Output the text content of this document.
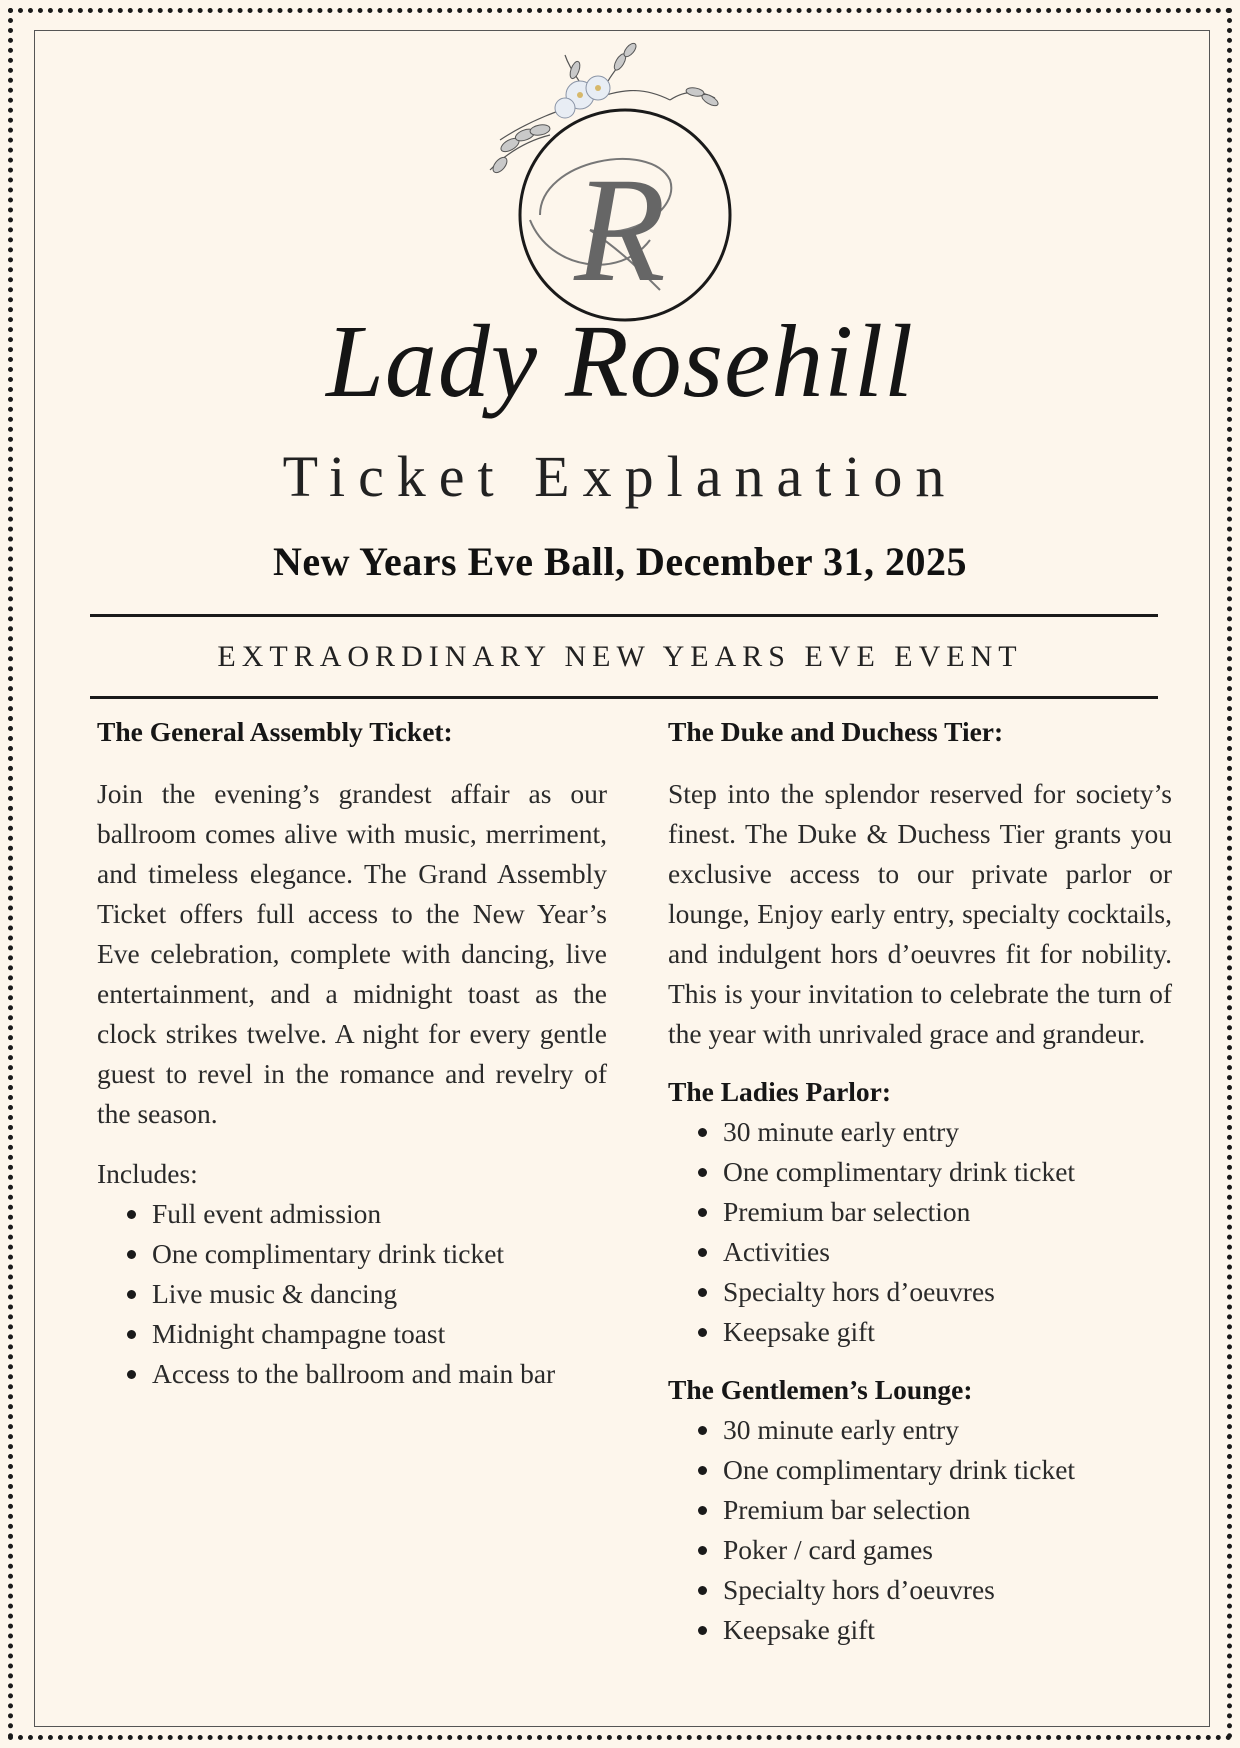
R
Lady Rosehill
Ticket Explanation
New Years Eve Ball, December 31, 2025
EXTRAORDINARY NEW YEARS EVE EVENT

The General Assembly Ticket:

Join the evening’s grandest affair as our ballroom comes alive with music, merriment, and timeless elegance. The Grand Assembly Ticket offers full access to the New Year’s Eve celebration, complete with dancing, live entertainment, and a midnight toast as the clock strikes twelve. A night for every gentle guest to revel in the romance and revelry of the season.

Includes:

Full event admission
One complimentary drink ticket
Live music & dancing
Midnight champagne toast
Access to the ballroom and main bar

The Duke and Duchess Tier:

Step into the splendor reserved for society’s finest. The Duke & Duchess Tier grants you exclusive access to our private parlor or lounge, Enjoy early entry, specialty cocktails, and indulgent hors d’oeuvres fit for nobility. This is your invitation to celebrate the turn of the year with unrivaled grace and grandeur.

The Ladies Parlor:

30 minute early entry
One complimentary drink ticket
Premium bar selection
Activities
Specialty hors d’oeuvres
Keepsake gift

The Gentlemen’s Lounge:

30 minute early entry
One complimentary drink ticket
Premium bar selection
Poker / card games
Specialty hors d’oeuvres
Keepsake gift
